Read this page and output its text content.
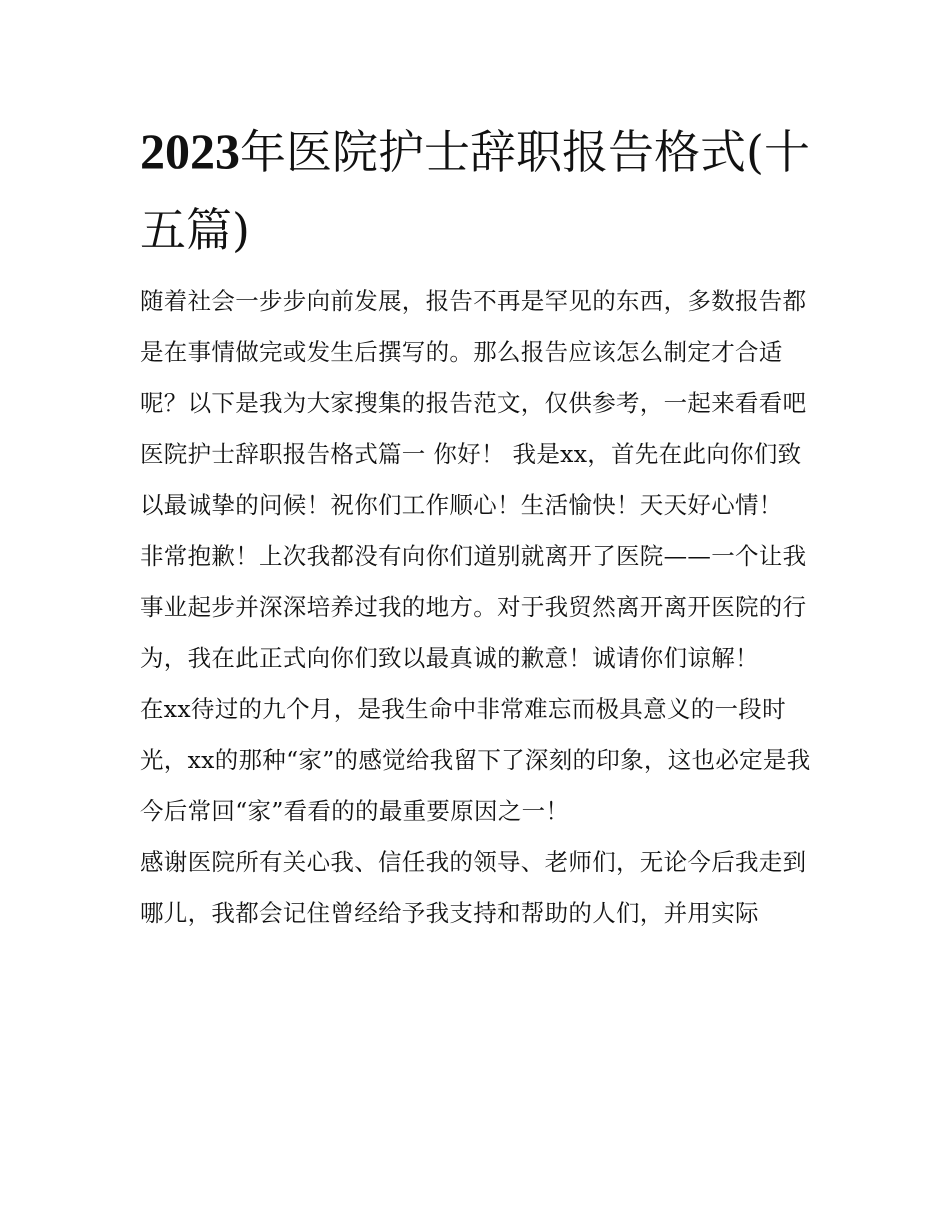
2023年医院护士辞职报告格式(十五篇)

随着社会一步步向前发展，报告不再是罕见的东西，多数报告都是在事情做完或发生后撰写的。那么报告应该怎么制定才合适呢？以下是我为大家搜集的报告范文，仅供参考，一起来看看吧

医院护士辞职报告格式篇一 你好！ 我是xx，首先在此向你们致以最诚挚的问候！祝你们工作顺心！生活愉快！天天好心情！

非常抱歉！上次我都没有向你们道别就离开了医院——一个让我事业起步并深深培养过我的地方。对于我贸然离开离开医院的行为，我在此正式向你们致以最真诚的歉意！诚请你们谅解！

在xx待过的九个月，是我生命中非常难忘而极具意义的一段时光，xx的那种“家”的感觉给我留下了深刻的印象，这也必定是我今后常回“家”看看的的最重要原因之一！

感谢医院所有关心我、信任我的领导、老师们，无论今后我走到哪儿，我都会记住曾经给予我支持和帮助的人们，并用实际
